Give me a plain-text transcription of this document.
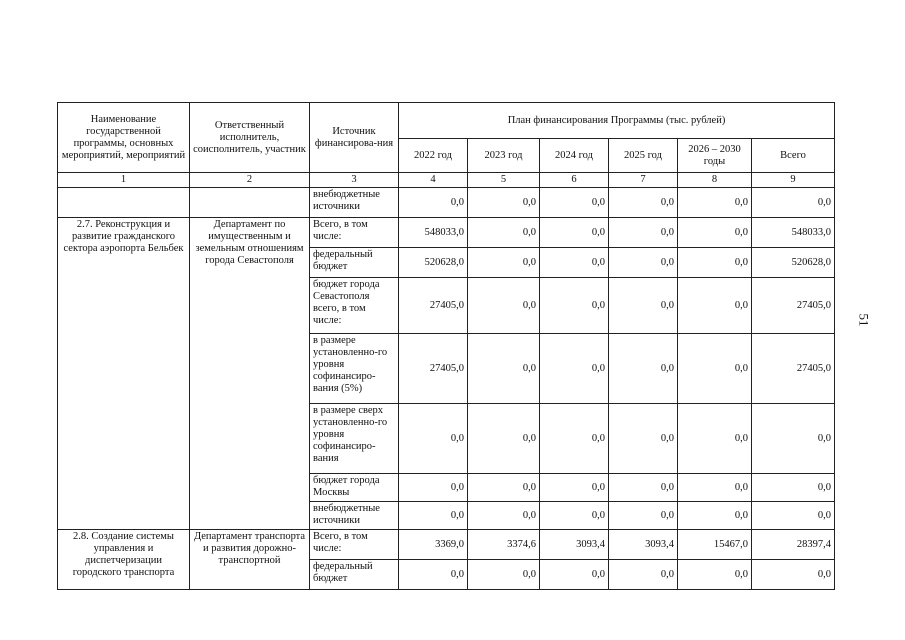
Наименование государственной программы, основных мероприятий, мероприятий	Ответственный исполнитель, соисполнитель, участник	Источник финансирова-ния	План финансирования Программы (тыс. рублей)					
			2022 год	2023 год	2024 год	2025 год	2026 – 2030 годы	Всего
1	2	3	4	5	6	7	8	9
		внебюджетные источники	0,0	0,0	0,0	0,0	0,0	0,0
2.7. Реконструкция и развитие гражданского сектора аэропорта Бельбек	Департамент по имущественным и земельным отношениям города Севастополя	Всего, в том числе:	548033,0	0,0	0,0	0,0	0,0	548033,0
		федеральный бюджет	520628,0	0,0	0,0	0,0	0,0	520628,0
		бюджет города Севастополя всего, в том числе:	27405,0	0,0	0,0	0,0	0,0	27405,0
		в размере установленно-го уровня софинансиро-вания (5%)	27405,0	0,0	0,0	0,0	0,0	27405,0
		в размере сверх установленно-го уровня софинансиро-вания	0,0	0,0	0,0	0,0	0,0	0,0
		бюджет города Москвы	0,0	0,0	0,0	0,0	0,0	0,0
		внебюджетные источники	0,0	0,0	0,0	0,0	0,0	0,0
2.8. Создание системы управления и диспетчеризации городского транспорта	Департамент транспорта и развития дорожно-транспортной	Всего, в том числе:	3369,0	3374,6	3093,4	3093,4	15467,0	28397,4
		федеральный бюджет	0,0	0,0	0,0	0,0	0,0	0,0
51
